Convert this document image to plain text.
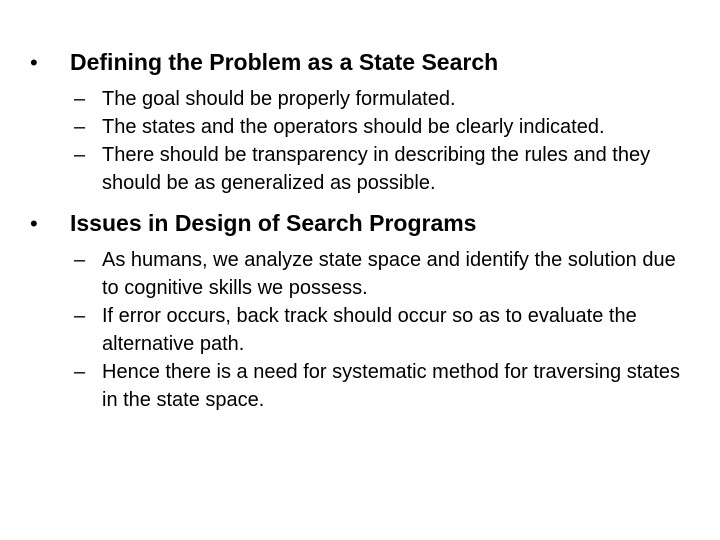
•	Defining the Problem as a State Search
– The goal should be properly formulated.
– The states and the operators should be clearly indicated.
– There should be transparency in describing the rules and they should be as generalized as possible.
•	Issues in Design of Search Programs
– As humans, we analyze state space and identify the solution due to cognitive skills we possess.
– If error occurs, back track should occur so as to evaluate the alternative path.
– Hence there is a need for systematic method for traversing states in the state space.
